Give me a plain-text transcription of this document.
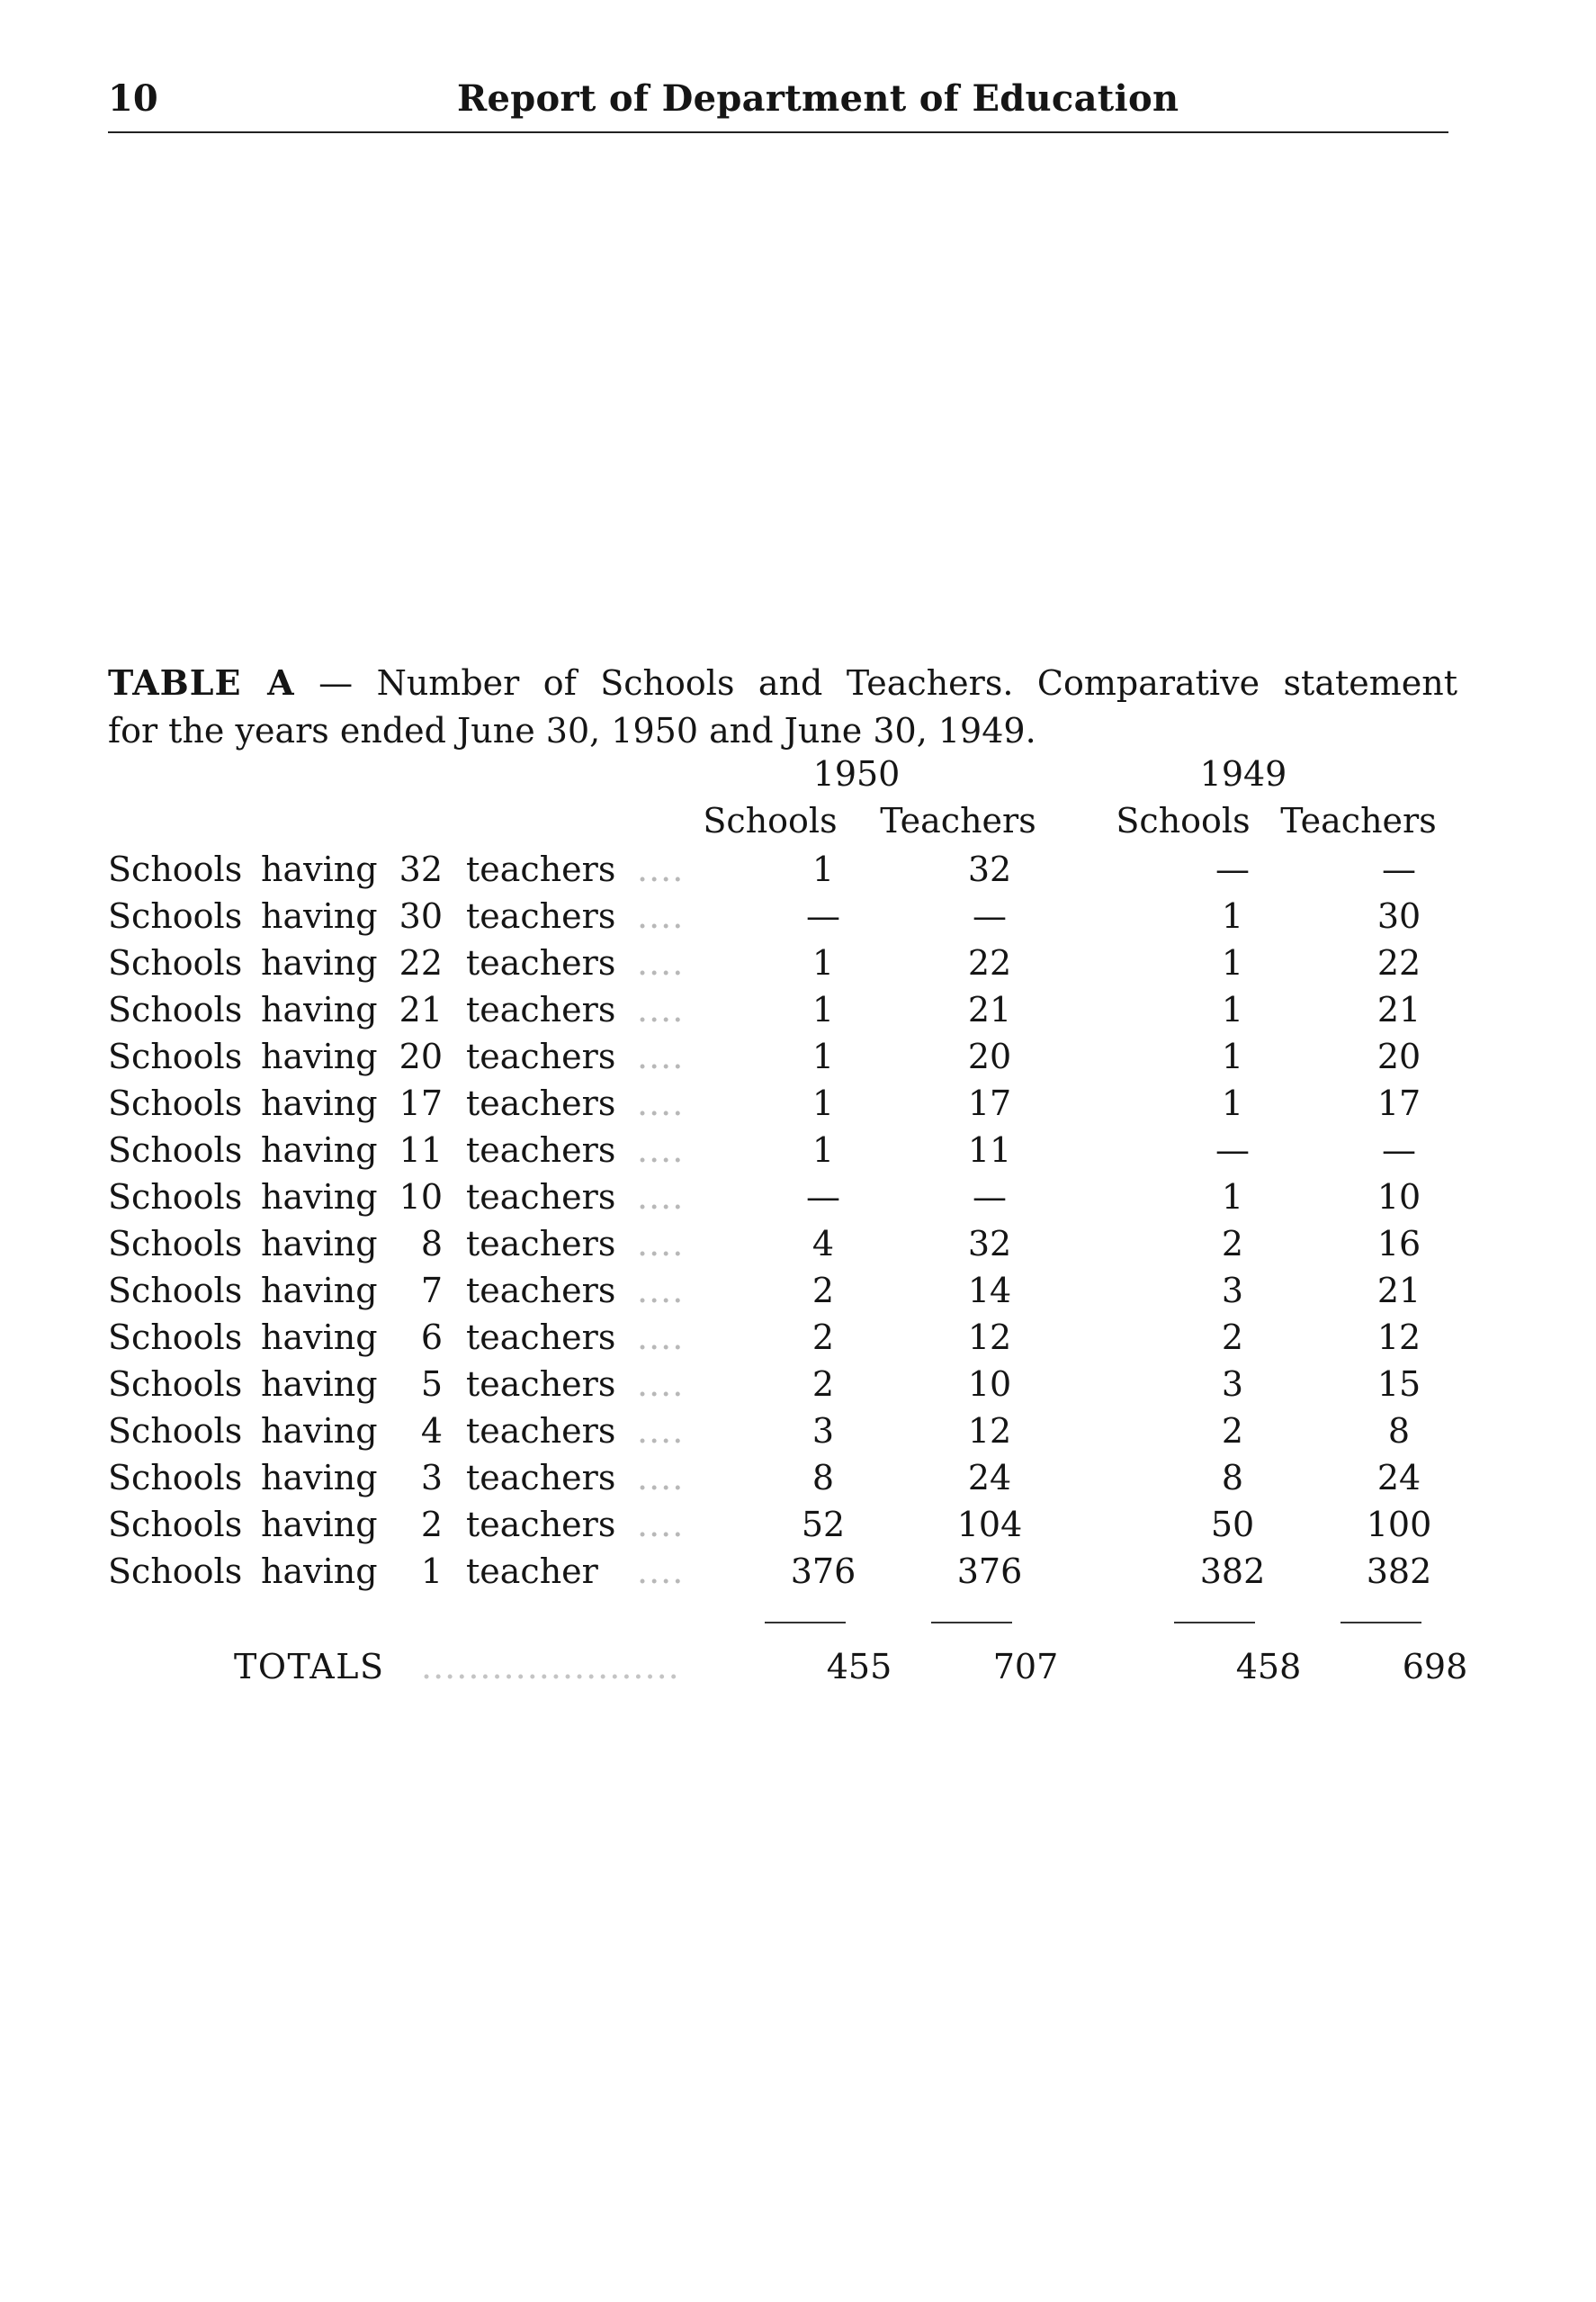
10	Report of Department of Education
TABLE A — Number of Schools and Teachers. Comparative statement
for the years ended June 30, 1950 and June 30, 1949.
1950	1949
Schools	Teachers	Schools Teachers
Schools having 32 teachers ....	1	32	—	—
Schools having 30 teachers ....	—	—	1	30
Schools having 22 teachers ....	1	22	1	22
Schools having 21 teachers ....	1	21	1	21
Schools having 20 teachers ....	1	20	1	20
Schools having 17 teachers ....	1	17	1	17
Schools having 11 teachers ....	1	11	—	—
Schools having 10 teachers ....	—	—	1	10
Schools having	8 teachers ....	4	32	2	16
Schools having	7 teachers ....	2	14	3	21
Schools having	6 teachers ....	2	12	2	12
Schools having	5 teachers ....	2	10	3	15
Schools having	4 teachers ....	3	12	2	8
Schools having	3 teachers ....	8	24	8	24
Schools having	2 teachers ....	52	104	50	100
Schools having	1 teacher ....	376	376	382	382
TOTALS ......................	455	707	458	698
